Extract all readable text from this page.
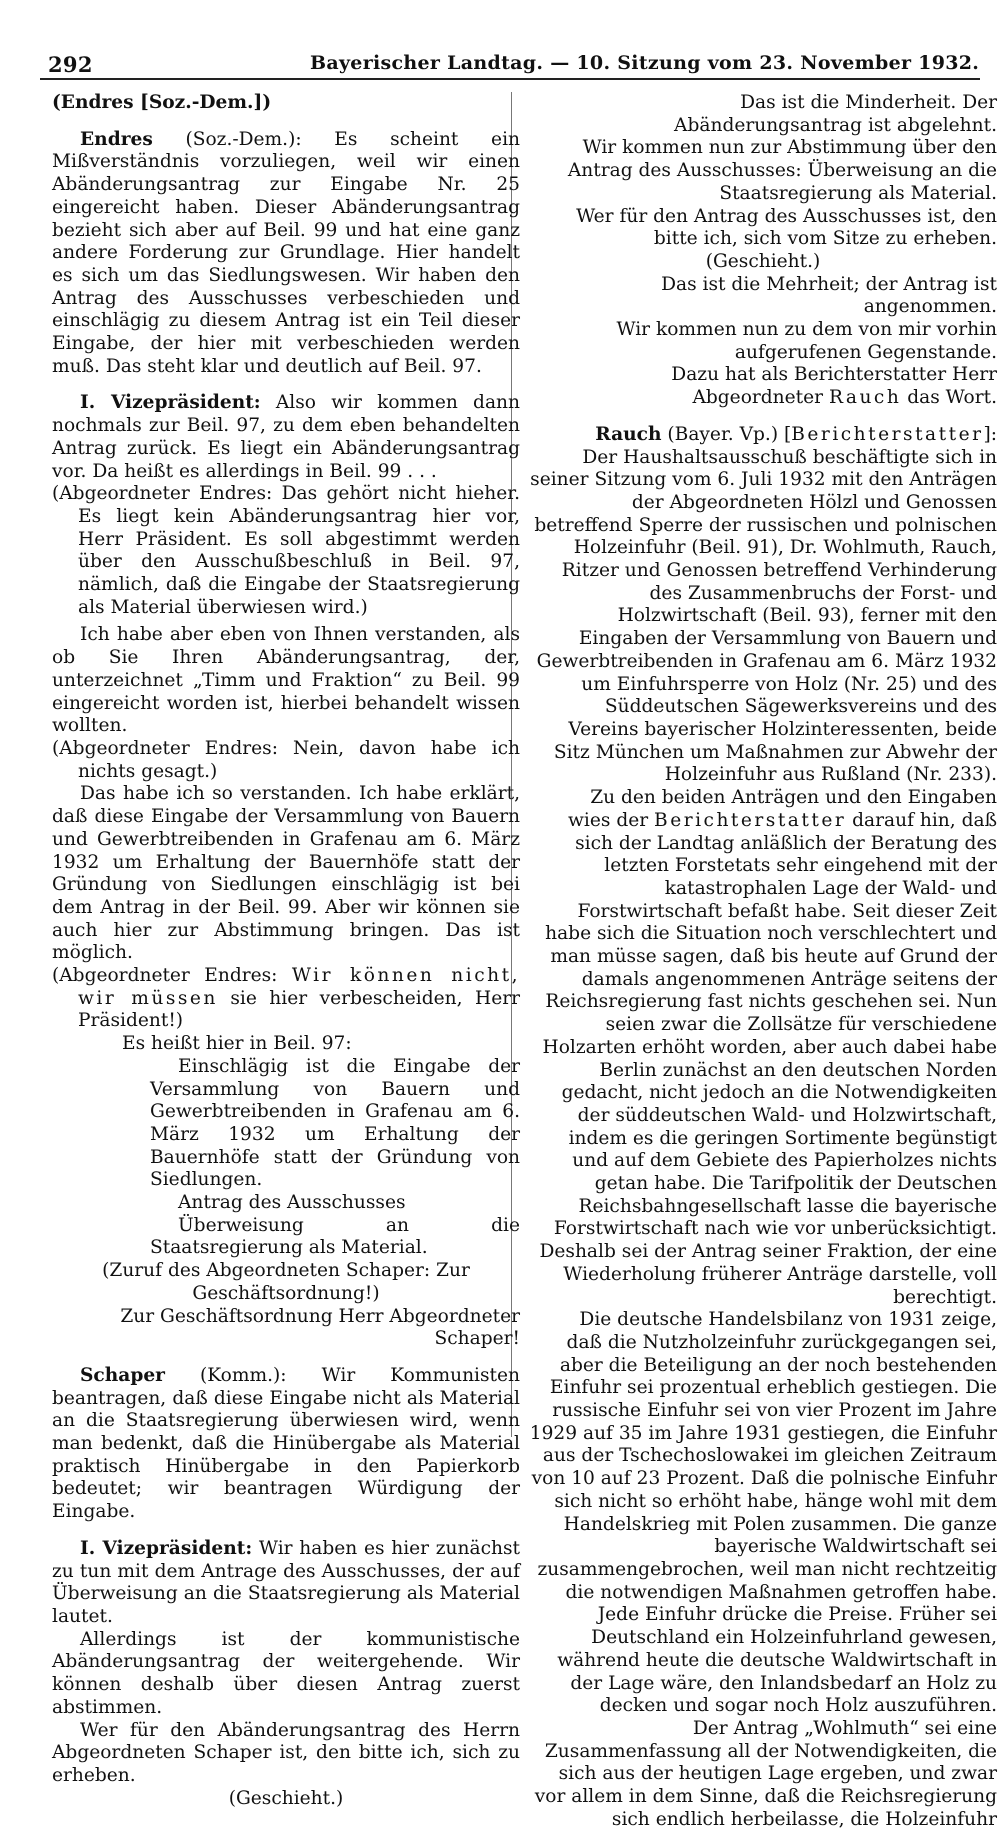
292	Bayerischer Landtag. — 10. Sitzung vom 23. November 1932.

(Endres [Soz.-Dem.])

Endres (Soz.-Dem.): Es scheint ein Mißverständnis vorzuliegen, weil wir einen Abänderungsantrag zur Eingabe Nr. 25 eingereicht haben. Dieser Abänderungsantrag bezieht sich aber auf Beil. 99 und hat eine ganz andere Forderung zur Grundlage. Hier handelt es sich um das Siedlungswesen. Wir haben den Antrag des Ausschusses verbeschieden und einschlägig zu diesem Antrag ist ein Teil dieser Eingabe, der hier mit verbeschieden werden muß. Das steht klar und deutlich auf Beil. 97.

I. Vizepräsident: Also wir kommen dann nochmals zur Beil. 97, zu dem eben behandelten Antrag zurück. Es liegt ein Abänderungsantrag vor. Da heißt es allerdings in Beil. 99 . . .

(Abgeordneter Endres: Das gehört nicht hieher. Es liegt kein Abänderungsantrag hier vor, Herr Präsident. Es soll abgestimmt werden über den Ausschußbeschluß in Beil. 97, nämlich, daß die Eingabe der Staatsregierung als Material überwiesen wird.)

Ich habe aber eben von Ihnen verstanden, als ob Sie Ihren Abänderungsantrag, der, unterzeichnet „Timm und Fraktion“ zu Beil. 99 eingereicht worden ist, hierbei behandelt wissen wollten.

(Abgeordneter Endres: Nein, davon habe ich nichts gesagt.)

Das habe ich so verstanden. Ich habe erklärt, daß diese Eingabe der Versammlung von Bauern und Gewerbtreibenden in Grafenau am 6. März 1932 um Erhaltung der Bauernhöfe statt der Gründung von Siedlungen einschlägig ist bei dem Antrag in der Beil. 99. Aber wir können sie auch hier zur Abstimmung bringen. Das ist möglich.

(Abgeordneter Endres: Wir können nicht, wir müssen sie hier verbescheiden, Herr Präsident!)

Es heißt hier in Beil. 97:

Einschlägig ist die Eingabe der Versammlung von Bauern und Gewerbtreibenden in Grafenau am 6. März 1932 um Erhaltung der Bauernhöfe statt der Gründung von Siedlungen.

Antrag des Ausschusses

Überweisung an die Staatsregierung als Material.

(Zuruf des Abgeordneten Schaper: Zur Geschäftsordnung!)

Zur Geschäftsordnung Herr Abgeordneter Schaper!

Schaper (Komm.): Wir Kommunisten beantragen, daß diese Eingabe nicht als Material an die Staatsregierung überwiesen wird, wenn man bedenkt, daß die Hinübergabe als Material praktisch Hinübergabe in den Papierkorb bedeutet; wir beantragen Würdigung der Eingabe.

I. Vizepräsident: Wir haben es hier zunächst zu tun mit dem Antrage des Ausschusses, der auf Überweisung an die Staatsregierung als Material lautet.

Allerdings ist der kommunistische Abänderungsantrag der weitergehende. Wir können deshalb über diesen Antrag zuerst abstimmen.

Wer für den Abänderungsantrag des Herrn Abgeordneten Schaper ist, den bitte ich, sich zu erheben.

(Geschieht.)

Das ist die Minderheit. Der Abänderungsantrag ist abgelehnt.

Wir kommen nun zur Abstimmung über den Antrag des Ausschusses: Überweisung an die Staatsregierung als Material.

Wer für den Antrag des Ausschusses ist, den bitte ich, sich vom Sitze zu erheben.

(Geschieht.)

Das ist die Mehrheit; der Antrag ist angenommen.

Wir kommen nun zu dem von mir vorhin aufgerufenen Gegenstande.

Dazu hat als Berichterstatter Herr Abgeordneter Rauch das Wort.

Rauch (Bayer. Vp.) [Berichterstatter]: Der Haushaltsausschuß beschäftigte sich in seiner Sitzung vom 6. Juli 1932 mit den Anträgen der Abgeordneten Hölzl und Genossen betreffend Sperre der russischen und polnischen Holzeinfuhr (Beil. 91), Dr. Wohlmuth, Rauch, Ritzer und Genossen betreffend Verhinderung des Zusammenbruchs der Forst- und Holzwirtschaft (Beil. 93), ferner mit den Eingaben der Versammlung von Bauern und Gewerbtreibenden in Grafenau am 6. März 1932 um Einfuhrsperre von Holz (Nr. 25) und des Süddeutschen Sägewerksvereins und des Vereins bayerischer Holzinteressenten, beide Sitz München um Maßnahmen zur Abwehr der Holzeinfuhr aus Rußland (Nr. 233).

Zu den beiden Anträgen und den Eingaben wies der Berichterstatter darauf hin, daß sich der Landtag anläßlich der Beratung des letzten Forstetats sehr eingehend mit der katastrophalen Lage der Wald- und Forstwirtschaft befaßt habe. Seit dieser Zeit habe sich die Situation noch verschlechtert und man müsse sagen, daß bis heute auf Grund der damals angenommenen Anträge seitens der Reichsregierung fast nichts geschehen sei. Nun seien zwar die Zollsätze für verschiedene Holzarten erhöht worden, aber auch dabei habe Berlin zunächst an den deutschen Norden gedacht, nicht jedoch an die Notwendigkeiten der süddeutschen Wald- und Holzwirtschaft, indem es die geringen Sortimente begünstigt und auf dem Gebiete des Papierholzes nichts getan habe. Die Tarifpolitik der Deutschen Reichsbahngesellschaft lasse die bayerische Forstwirtschaft nach wie vor unberücksichtigt. Deshalb sei der Antrag seiner Fraktion, der eine Wiederholung früherer Anträge darstelle, voll berechtigt.

Die deutsche Handelsbilanz von 1931 zeige, daß die Nutzholzeinfuhr zurückgegangen sei, aber die Beteiligung an der noch bestehenden Einfuhr sei prozentual erheblich gestiegen. Die russische Einfuhr sei von vier Prozent im Jahre 1929 auf 35 im Jahre 1931 gestiegen, die Einfuhr aus der Tschechoslowakei im gleichen Zeitraum von 10 auf 23 Prozent. Daß die polnische Einfuhr sich nicht so erhöht habe, hänge wohl mit dem Handelskrieg mit Polen zusammen. Die ganze bayerische Waldwirtschaft sei zusammengebrochen, weil man nicht rechtzeitig die notwendigen Maßnahmen getroffen habe. Jede Einfuhr drücke die Preise. Früher sei Deutschland ein Holzeinfuhrland gewesen, während heute die deutsche Waldwirtschaft in der Lage wäre, den Inlandsbedarf an Holz zu decken und sogar noch Holz auszuführen.

Der Antrag „Wohlmuth“ sei eine Zusammenfassung all der Notwendigkeiten, die sich aus der heutigen Lage ergeben, und zwar vor allem in dem Sinne, daß die Reichsregierung sich endlich herbeilasse, die Holzeinfuhr
